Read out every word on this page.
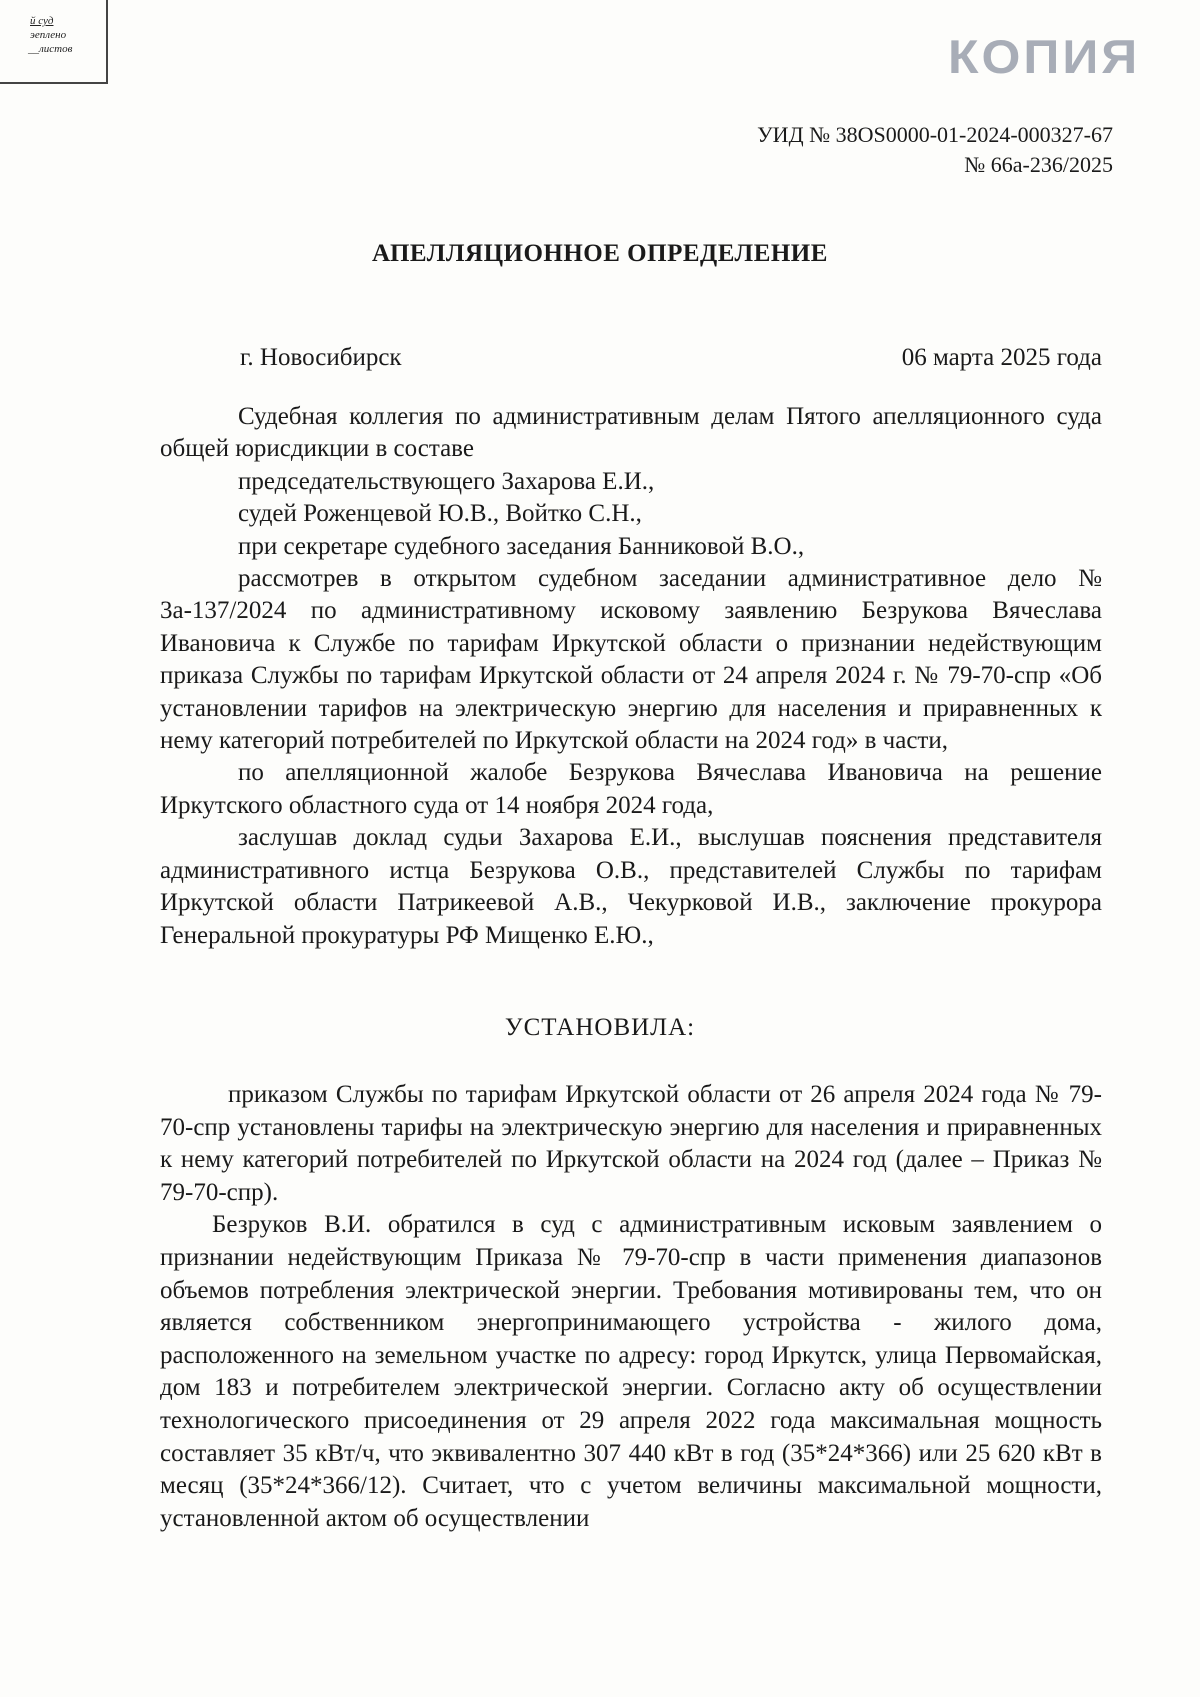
й суд
эеплено
__листов	КОПИЯ
УИД № 38OS0000-01-2024-000327-67
№ 66а-236/2025
АПЕЛЛЯЦИОННОЕ ОПРЕДЕЛЕНИЕ
г. Новосибирск	06 марта 2025 года

Судебная коллегия по административным делам Пятого апелляционного суда общей юрисдикции в составе

председательствующего Захарова Е.И.,

судей Роженцевой Ю.В., Войтко С.Н.,

при секретаре судебного заседания Банниковой В.О.,

рассмотрев в открытом судебном заседании административное дело № 3а-137/2024 по административному исковому заявлению Безрукова Вячеслава Ивановича к Службе по тарифам Иркутской области о признании недействующим приказа Службы по тарифам Иркутской области от 24 апреля 2024 г. № 79-70-спр «Об установлении тарифов на электрическую энергию для населения и приравненных к нему категорий потребителей по Иркутской области на 2024 год» в части,

по апелляционной жалобе Безрукова Вячеслава Ивановича на решение Иркутского областного суда от 14 ноября 2024 года,

заслушав доклад судьи Захарова Е.И., выслушав пояснения представителя административного истца Безрукова О.В., представителей Службы по тарифам Иркутской области Патрикеевой А.В., Чекурковой И.В., заключение прокурора Генеральной прокуратуры РФ Мищенко Е.Ю.,

УСТАНОВИЛА:

приказом Службы по тарифам Иркутской области от 26 апреля 2024 года № 79-70-спр установлены тарифы на электрическую энергию для населения и приравненных к нему категорий потребителей по Иркутской области на 2024 год (далее – Приказ № 79-70-спр).

Безруков В.И. обратился в суд с административным исковым заявлением о признании недействующим Приказа № 79-70-спр в части применения диапазонов объемов потребления электрической энергии. Требования мотивированы тем, что он является собственником энергопринимающего устройства - жилого дома, расположенного на земельном участке по адресу: город Иркутск, улица Первомайская, дом 183 и потребителем электрической энергии. Согласно акту об осуществлении технологического присоединения от 29 апреля 2022 года максимальная мощность составляет 35 кВт/ч, что эквивалентно 307 440 кВт в год (35*24*366) или 25 620 кВт в месяц (35*24*366/12). Считает, что с учетом величины максимальной мощности, установленной актом об осуществлении
